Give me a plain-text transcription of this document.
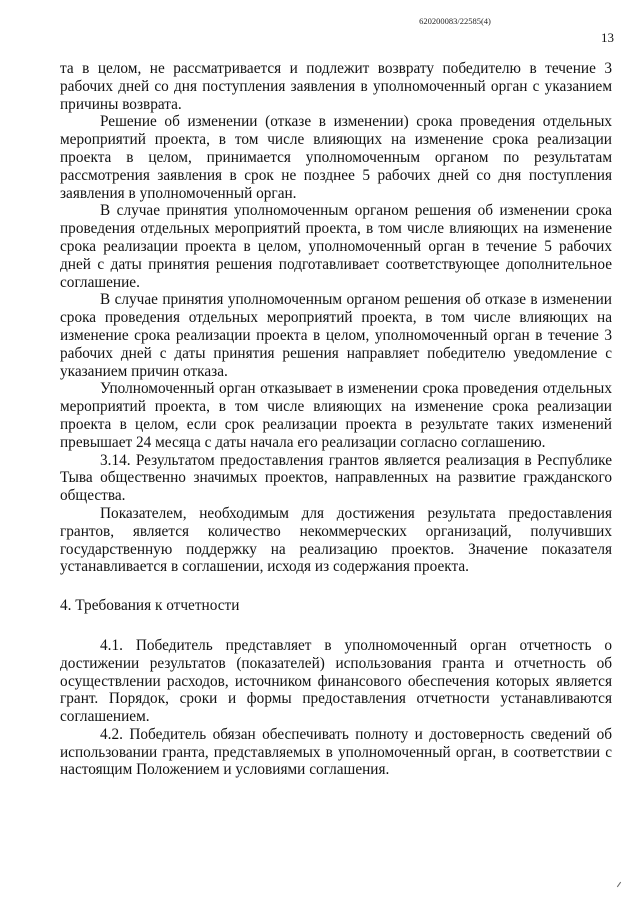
620200083/22585(4)
13

та в целом, не рассматривается и подлежит возврату победителю в течение 3 рабочих дней со дня поступления заявления в уполномоченный орган с указанием причины возврата.

Решение об изменении (отказе в изменении) срока проведения отдельных мероприятий проекта, в том числе влияющих на изменение срока реализации проекта в целом, принимается уполномоченным органом по результатам рассмотрения заявления в срок не позднее 5 рабочих дней со дня поступления заявления в уполномоченный орган.

В случае принятия уполномоченным органом решения об изменении срока проведения отдельных мероприятий проекта, в том числе влияющих на изменение срока реализации проекта в целом, уполномоченный орган в течение 5 рабочих дней с даты принятия решения подготавливает соответствующее дополнительное соглашение.

В случае принятия уполномоченным органом решения об отказе в изменении срока проведения отдельных мероприятий проекта, в том числе влияющих на изменение срока реализации проекта в целом, уполномоченный орган в течение 3 рабочих дней с даты принятия решения направляет победителю уведомление с указанием причин отказа.

Уполномоченный орган отказывает в изменении срока проведения отдельных мероприятий проекта, в том числе влияющих на изменение срока реализации проекта в целом, если срок реализации проекта в результате таких изменений превышает 24 месяца с даты начала его реализации согласно соглашению.

3.14. Результатом предоставления грантов является реализация в Республике Тыва общественно значимых проектов, направленных на развитие гражданского общества.

Показателем, необходимым для достижения результата предоставления грантов, является количество некоммерческих организаций, получивших государственную поддержку на реализацию проектов. Значение показателя устанавливается в соглашении, исходя из содержания проекта.

4. Требования к отчетности

4.1. Победитель представляет в уполномоченный орган отчетность о достижении результатов (показателей) использования гранта и отчетность об осуществлении расходов, источником финансового обеспечения которых является грант. Порядок, сроки и формы предоставления отчетности устанавливаются соглашением.

4.2. Победитель обязан обеспечивать полноту и достоверность сведений об использовании гранта, представляемых в уполномоченный орган, в соответствии с настоящим Положением и условиями соглашения.
